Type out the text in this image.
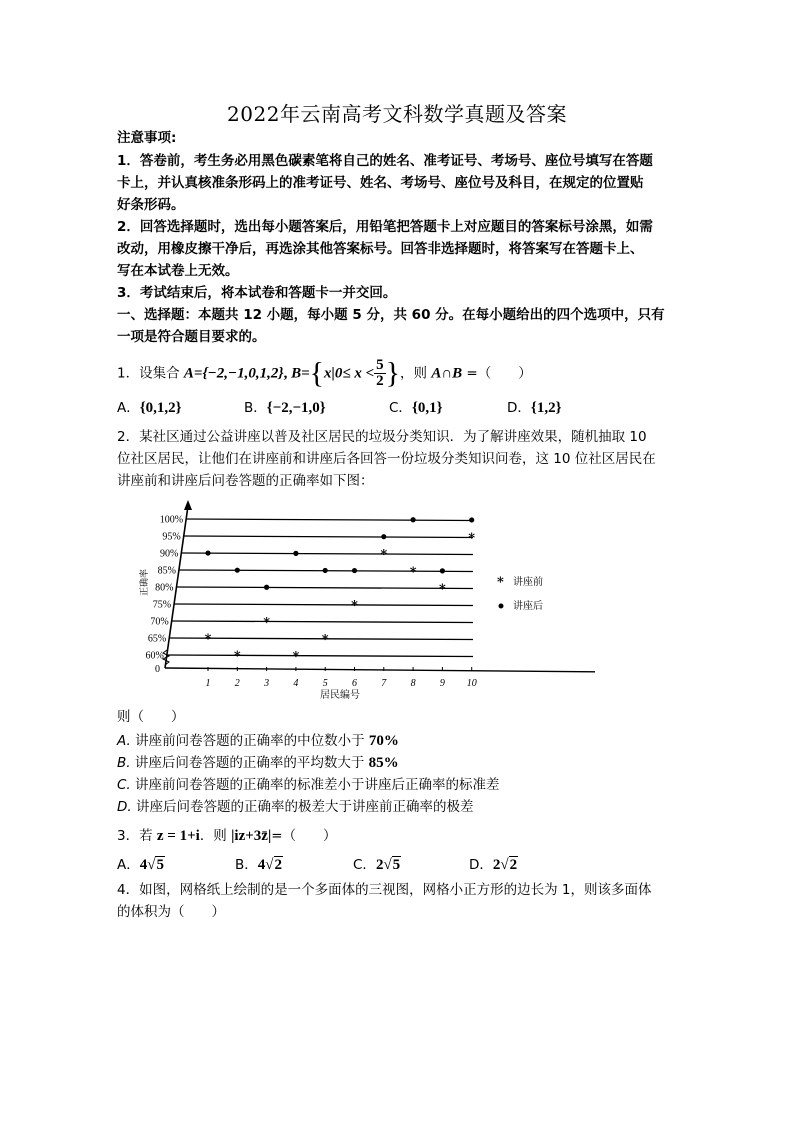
2022年云南高考文科数学真题及答案
注意事项:
1．答卷前，考生务必用黑色碳素笔将自己的姓名、准考证号、考场号、座位号填写在答题
卡上，并认真核准条形码上的准考证号、姓名、考场号、座位号及科目，在规定的位置贴
好条形码。
2．回答选择题时，选出每小题答案后，用铅笔把答题卡上对应题目的答案标号涂黑，如需
改动，用橡皮擦干净后，再选涂其他答案标号。回答非选择题时，将答案写在答题卡上、
写在本试卷上无效。
3．考试结束后，将本试卷和答题卡一并交回。
一、选择题：本题共 12 小题，每小题 5 分，共 60 分。在每小题给出的四个选项中，只有
一项是符合题目要求的。
1．设集合 A={−2,−1,0,1,2}, $B=\{x|0\le x < \frac{5}{2}$ }，则 A∩B =（　　）
A．{0,1,2}	B．{−2,−1,0}	C．{0,1}	D．{1,2}
2．某社区通过公益讲座以普及社区居民的垃圾分类知识．为了解讲座效果，随机抽取 10
位社区居民，让他们在讲座前和讲座后各回答一份垃圾分类知识问卷，这 10 位社区居民在
讲座前和讲座后问卷答题的正确率如下图：
0
60%
65%
70%
75%
80%
85%
90%
95%
100%
1 2 3 4 5 6 7 8 9 10
*
*
*
*
*
*
*
*
*
*
居民编号
正确率	* 讲座前
讲座后
则（　　）
A. 讲座前问卷答题的正确率的中位数小于 70%
B. 讲座后问卷答题的正确率的平均数大于 85%
C. 讲座前问卷答题的正确率的标准差小于讲座后正确率的标准差
D. 讲座后问卷答题的正确率的极差大于讲座前正确率的极差
3．若 z = 1+i．则 |iz+3z̄|=（　　）
A．4√5	B．4√2	C．2√5	D．2√2
4．如图，网格纸上绘制的是一个多面体的三视图，网格小正方形的边长为 1，则该多面体
的体积为（　　）
